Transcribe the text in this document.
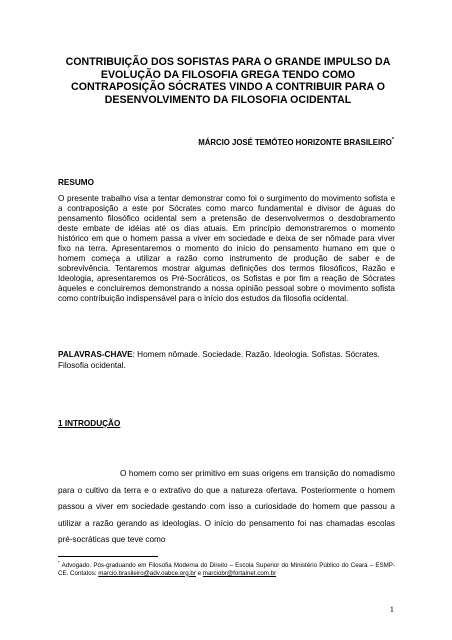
CONTRIBUIÇÃO DOS SOFISTAS PARA O GRANDE IMPULSO DA EVOLUÇÃO DA FILOSOFIA GREGA TENDO COMO CONTRAPOSIÇÃO SÓCRATES VINDO A CONTRIBUIR PARA O DESENVOLVIMENTO DA FILOSOFIA OCIDENTAL
MÁRCIO JOSÉ TEMÓTEO HORIZONTE BRASILEIRO*
RESUMO
O presente trabalho visa a tentar demonstrar como foi o surgimento do movimento sofista e a contraposição a este por Sócrates como marco fundamental e divisor de águas do pensamento filosófico ocidental sem a pretensão de desenvolvermos o desdobramento deste embate de idéias até os dias atuais. Em princípio demonstraremos o momento histórico em que o homem passa a viver em sociedade e deixa de ser nômade para viver fixo na terra. Apresentaremos o momento do início do pensamento humano em que o homem começa a utilizar a razão como instrumento de produção de saber e de sobrevivência. Tentaremos mostrar algumas definições dos termos filosóficos, Razão e Ideologia, apresentaremos os Pré-Socráticos, os Sofistas e por fim a reação de Sócrates àqueles e concluiremos demonstrando a nossa opinião pessoal sobre o movimento sofista como contribuição indispensável para o início dos estudos da filosofia ocidental.
PALAVRAS-CHAVE: Homem nômade. Sociedade. Razão. Ideologia. Sofistas. Sócrates. Filosofia ocidental.
1 INTRODUÇÃO
O homem como ser primitivo em suas origens em transição do nomadismo para o cultivo da terra e o extrativo do que a natureza ofertava. Posteriormente o homem passou a viver em sociedade gestando com isso a curiosidade do homem que passou a utilizar a razão gerando as ideologias. O início do pensamento foi nas chamadas escolas pré-socráticas que teve como
* Advogado. Pós-graduando em Filosofia Moderna do Direito – Escola Superior do Ministério Público do Ceará – ESMP-CE. Contatos: marcio.brasileiro@adv.oabce.org.br e marciobr@fortalnet.com.br
1
